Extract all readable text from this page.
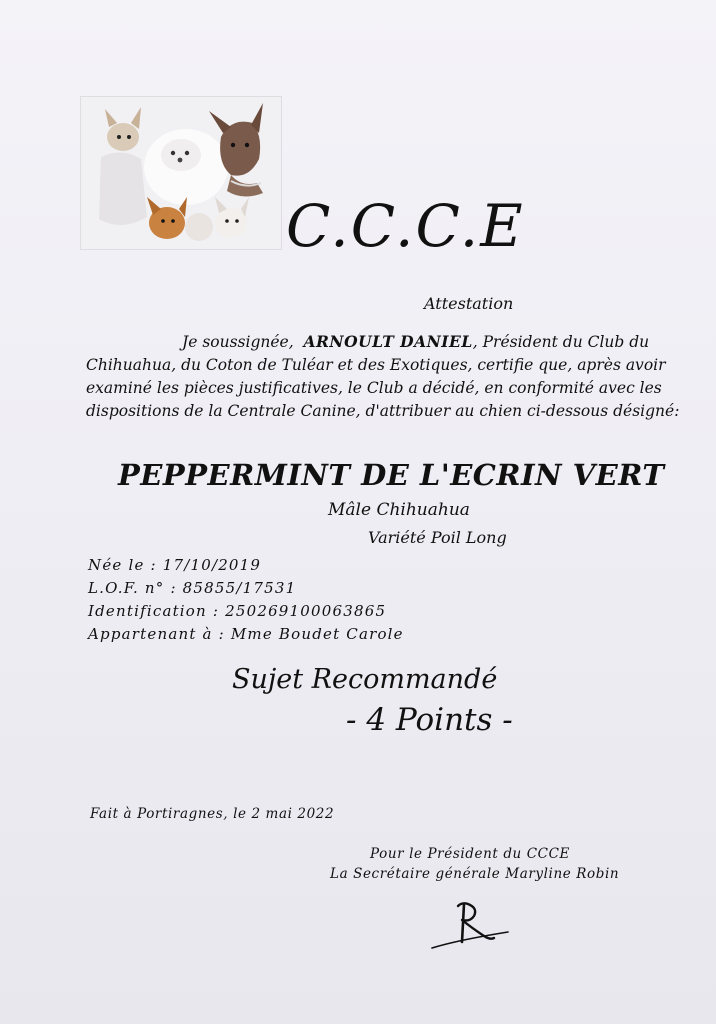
C.C.C.E
Attestation
Je soussignée, ARNOULT DANIEL, Président du Club du
Chihuahua, du Coton de Tuléar et des Exotiques, certifie que, après avoir
examiné les pièces justificatives, le Club a décidé, en conformité avec les
dispositions de la Centrale Canine, d'attribuer au chien ci-dessous désigné:
PEPPERMINT DE L'ECRIN VERT
Mâle Chihuahua
Variété Poil Long
Née le : 17/10/2019
L.O.F. n° : 85855/17531
Identification : 250269100063865
Appartenant à : Mme Boudet Carole
Sujet Recommandé
- 4 Points -
Fait à Portiragnes, le 2 mai 2022
Pour le Président du CCCE
La Secrétaire générale Maryline Robin
